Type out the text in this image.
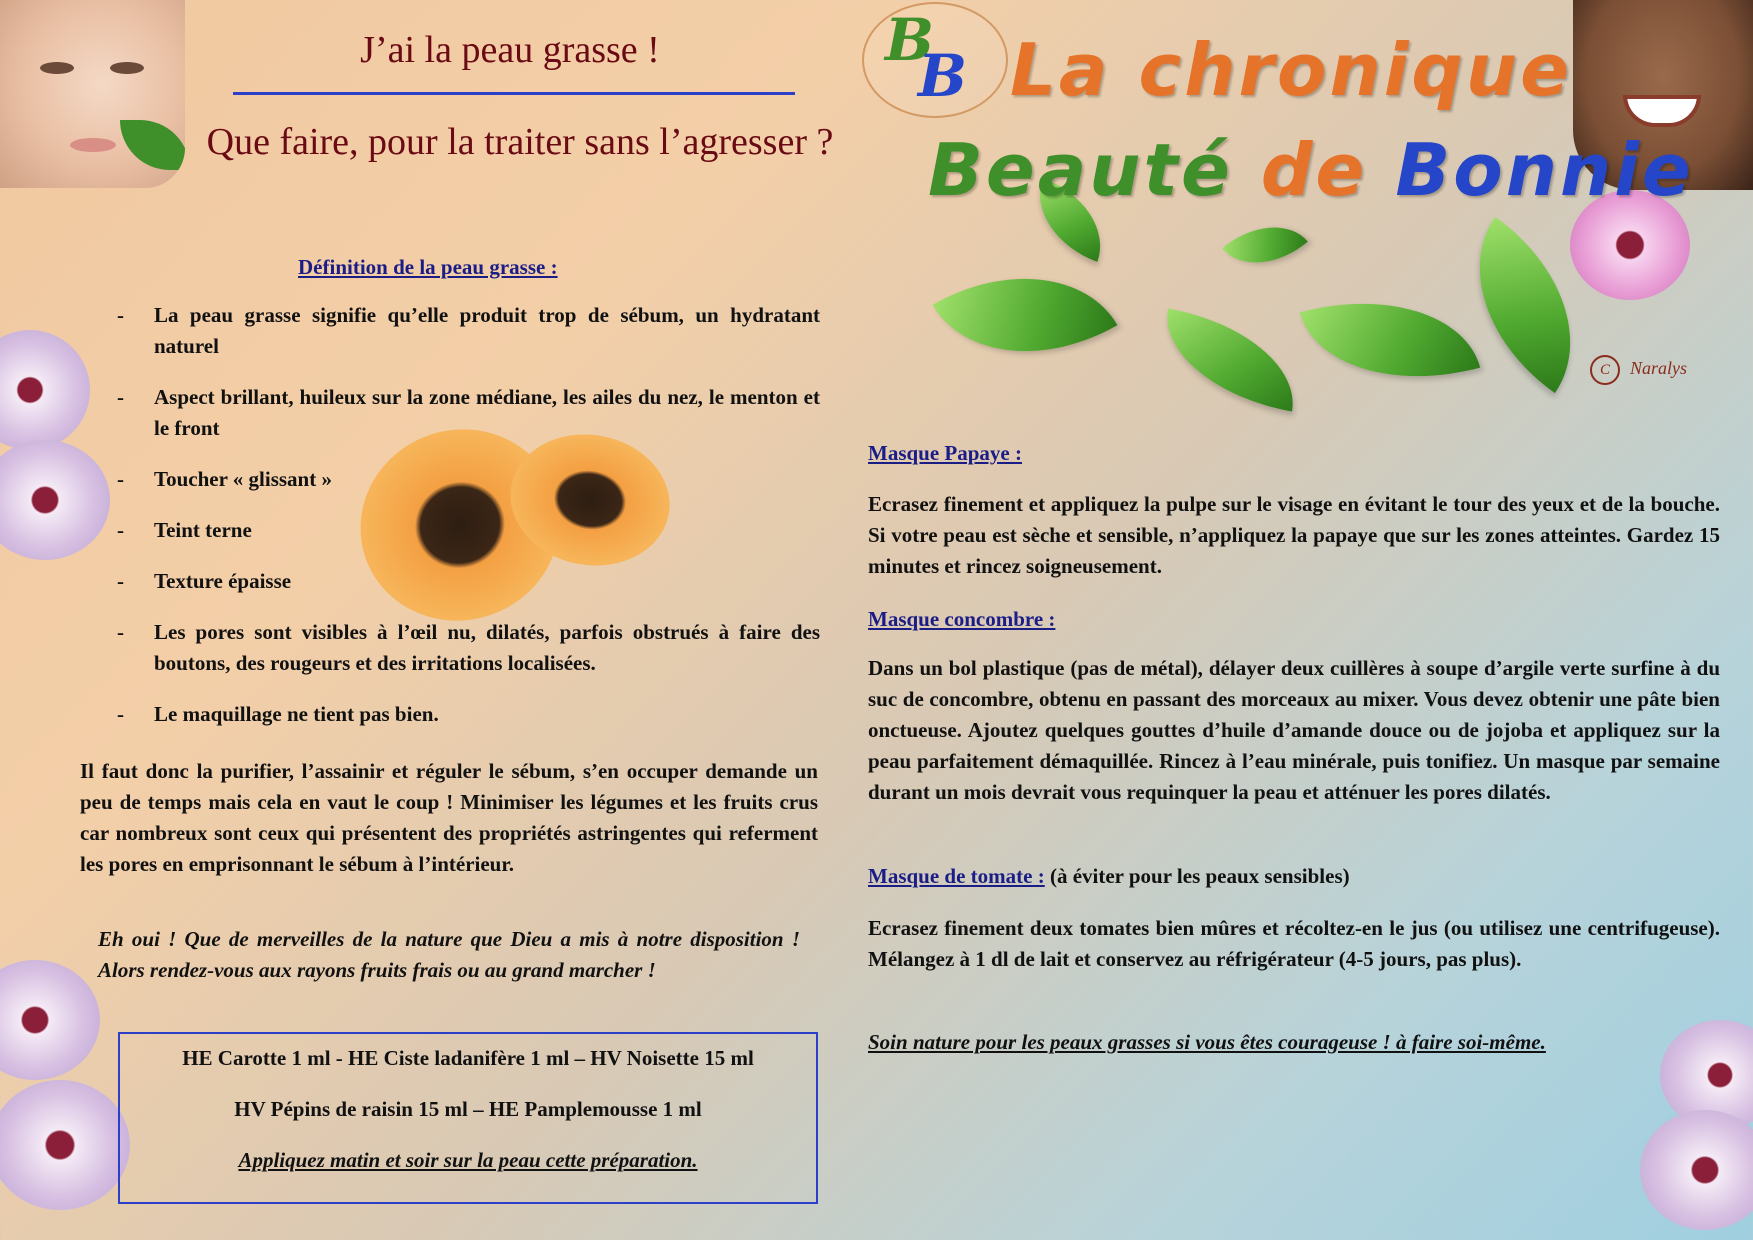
J’ai la peau grasse !
Que faire, pour la traiter sans l’agresser ?
B
B La chronique
Beauté de Bonnie
C Naralys
Définition de la peau grasse :
- La peau grasse signifie qu’elle produit trop de sébum, un hydratant naturel
- Aspect brillant, huileux sur la zone médiane, les ailes du nez, le menton et le front
- Toucher « glissant »
- Teint terne
- Texture épaisse
- Les pores sont visibles à l’œil nu, dilatés, parfois obstrués à faire des boutons, des rougeurs et des irritations localisées.
- Le maquillage ne tient pas bien.
Il faut donc la purifier, l’assainir et réguler le sébum, s’en occuper demande un peu de temps mais cela en vaut le coup ! Minimiser les légumes et les fruits crus car nombreux sont ceux qui présentent des propriétés astringentes qui referment les pores en emprisonnant le sébum à l’intérieur.
Eh oui ! Que de merveilles de la nature que Dieu a mis à notre disposition ! Alors rendez-vous aux rayons fruits frais ou au grand marcher !

HE Carotte 1 ml - HE Ciste ladanifère 1 ml – HV Noisette 15 ml

HV Pépins de raisin 15 ml – HE Pamplemousse 1 ml

Appliquez matin et soir sur la peau cette préparation.

Masque Papaye :
Ecrasez finement et appliquez la pulpe sur le visage en évitant le tour des yeux et de la bouche. Si votre peau est sèche et sensible, n’appliquez la papaye que sur les zones atteintes. Gardez 15 minutes et rincez soigneusement.
Masque concombre :
Dans un bol plastique (pas de métal), délayer deux cuillères à soupe d’argile verte surfine à du suc de concombre, obtenu en passant des morceaux au mixer. Vous devez obtenir une pâte bien onctueuse. Ajoutez quelques gouttes d’huile d’amande douce ou de jojoba et appliquez sur la peau parfaitement démaquillée. Rincez à l’eau minérale, puis tonifiez. Un masque par semaine durant un mois devrait vous requinquer la peau et atténuer les pores dilatés.
Masque de tomate : (à éviter pour les peaux sensibles)
Ecrasez finement deux tomates bien mûres et récoltez-en le jus (ou utilisez une centrifugeuse). Mélangez à 1 dl de lait et conservez au réfrigérateur (4-5 jours, pas plus).
Soin nature pour les peaux grasses si vous êtes courageuse ! à faire soi-même.
